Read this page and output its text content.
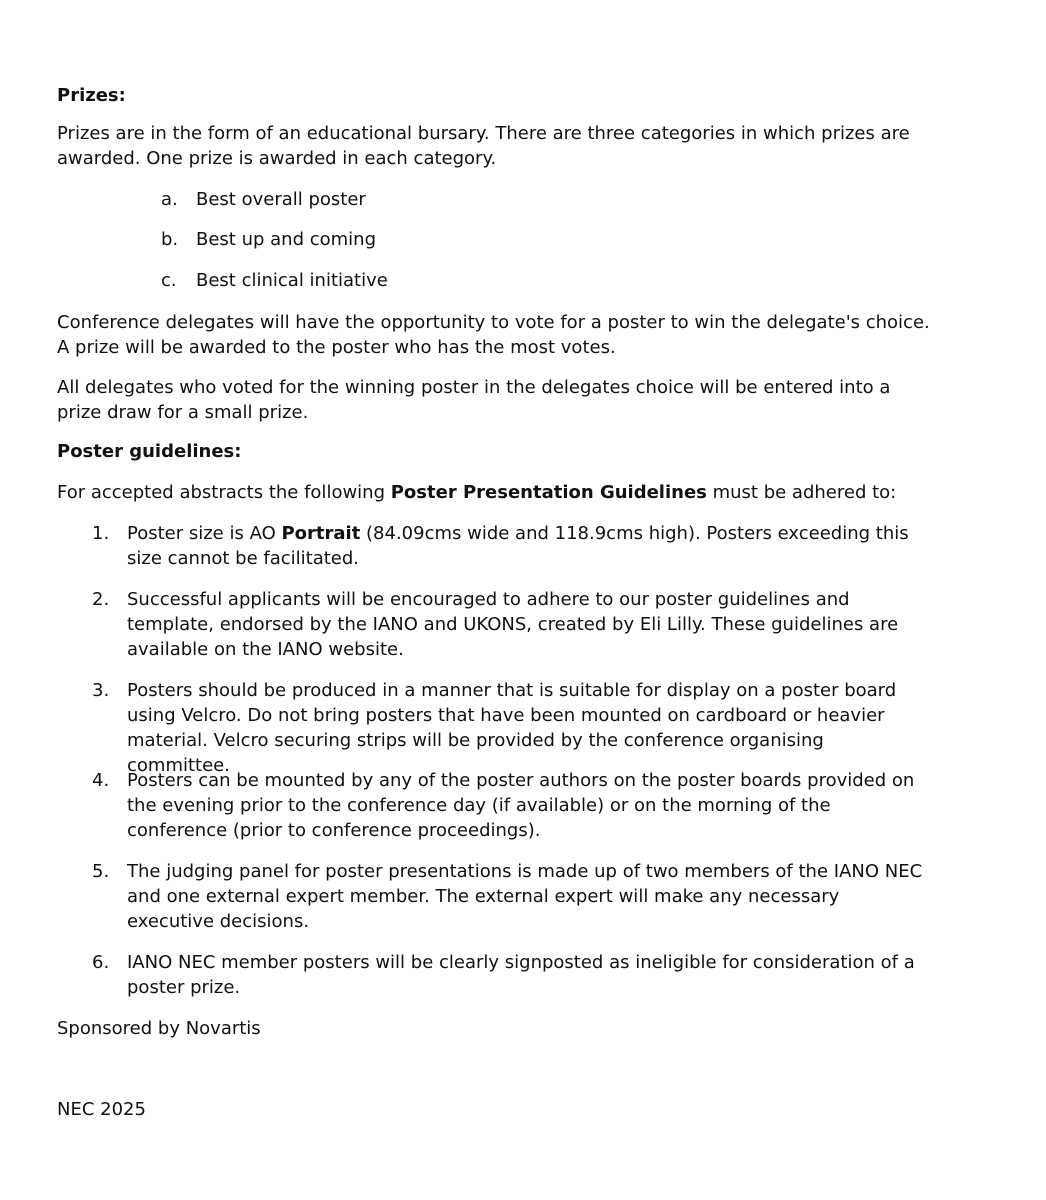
Prizes:
Prizes are in the form of an educational bursary. There are three categories in which prizes are awarded. One prize is awarded in each category.
a. Best overall poster
b. Best up and coming
c. Best clinical initiative
Conference delegates will have the opportunity to vote for a poster to win the delegate's choice. A prize will be awarded to the poster who has the most votes.
All delegates who voted for the winning poster in the delegates choice will be entered into a prize draw for a small prize.
Poster guidelines:
For accepted abstracts the following Poster Presentation Guidelines must be adhered to:
1. Poster size is AO Portrait (84.09cms wide and 118.9cms high). Posters exceeding this size cannot be facilitated.
2. Successful applicants will be encouraged to adhere to our poster guidelines and template, endorsed by the IANO and UKONS, created by Eli Lilly. These guidelines are available on the IANO website.
3. Posters should be produced in a manner that is suitable for display on a poster board using Velcro. Do not bring posters that have been mounted on cardboard or heavier material. Velcro securing strips will be provided by the conference organising committee.
4. Posters can be mounted by any of the poster authors on the poster boards provided on the evening prior to the conference day (if available) or on the morning of the conference (prior to conference proceedings).
5. The judging panel for poster presentations is made up of two members of the IANO NEC and one external expert member. The external expert will make any necessary executive decisions.
6. IANO NEC member posters will be clearly signposted as ineligible for consideration of a poster prize.
Sponsored by Novartis
NEC 2025
